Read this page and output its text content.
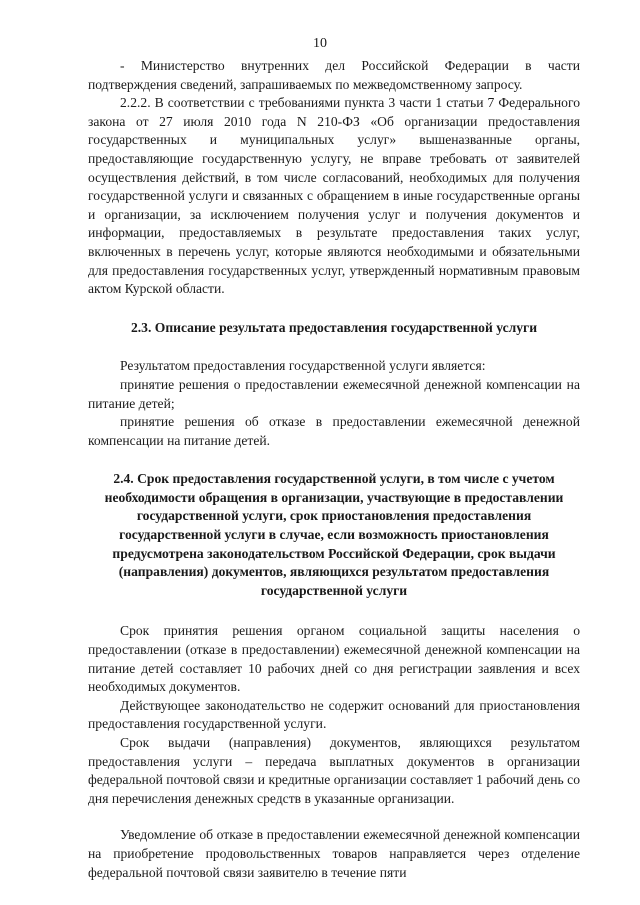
10

- Министерство внутренних дел Российской Федерации в части подтверждения сведений, запрашиваемых по межведомственному запросу.

2.2.2. В соответствии с требованиями пункта 3 части 1 статьи 7 Федерального закона от 27 июля 2010 года N 210-ФЗ «Об организации предоставления государственных и муниципальных услуг» вышеназванные органы, предоставляющие государственную услугу, не вправе требовать от заявителей осуществления действий, в том числе согласований, необходимых для получения государственной услуги и связанных с обращением в иные государственные органы и организации, за исключением получения услуг и получения документов и информации, предоставляемых в результате предоставления таких услуг, включенных в перечень услуг, которые являются необходимыми и обязательными для предоставления государственных услуг, утвержденный нормативным правовым актом Курской области.

2.3. Описание результата предоставления государственной услуги

Результатом предоставления государственной услуги является:

принятие решения о предоставлении ежемесячной денежной компенсации на питание детей;

принятие решения об отказе в предоставлении ежемесячной денежной компенсации на питание детей.

2.4. Срок предоставления государственной услуги, в том числе с учетом необходимости обращения в организации, участвующие в предоставлении государственной услуги, срок приостановления предоставления государственной услуги в случае, если возможность приостановления предусмотрена законодательством Российской Федерации, срок выдачи (направления) документов, являющихся результатом предоставления государственной услуги

Срок принятия решения органом социальной защиты населения о предоставлении (отказе в предоставлении) ежемесячной денежной компенсации на питание детей составляет 10 рабочих дней со дня регистрации заявления и всех необходимых документов.

Действующее законодательство не содержит оснований для приостановления предоставления государственной услуги.

Срок выдачи (направления) документов, являющихся результатом предоставления услуги – передача выплатных документов в организации федеральной почтовой связи и кредитные организации составляет 1 рабочий день со дня перечисления денежных средств в указанные организации.

Уведомление об отказе в предоставлении ежемесячной денежной компенсации на приобретение продовольственных товаров направляется через отделение федеральной почтовой связи заявителю в течение пяти
